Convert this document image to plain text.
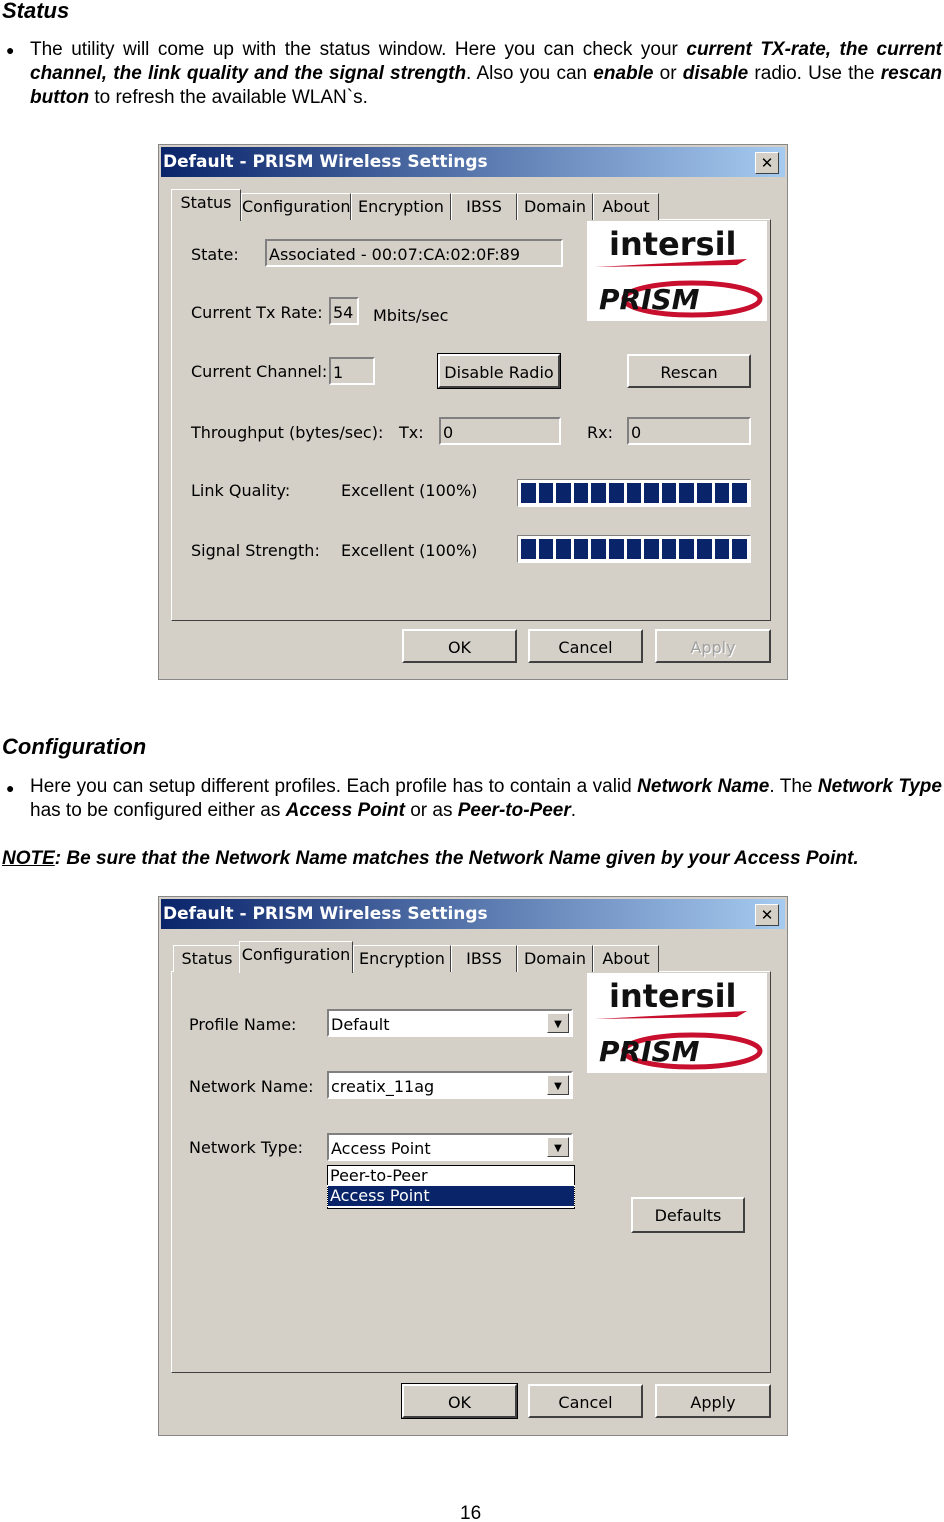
Status
● The utility will come up with the status window. Here you can check your current TX-rate, the current channel, the link quality and the signal strength. Also you can enable or disable radio. Use the rescan button to refresh the available WLAN`s.
Default - PRISM Wireless Settings	✕
Status Configuration Encryption	IBSS	Domain	About
intersil
PRISM
State: Associated - 00:07:CA:02:0F:89
Current Tx Rate: 54	Mbits/sec
Current Channel: 1	Disable Radio	Rescan
Throughput (bytes/sec): Tx: 0	Rx: 0
Link Quality:	Excellent (100%)
Signal Strength: Excellent (100%)
OK	Cancel	Apply
Configuration
● Here you can setup different profiles. Each profile has to contain a valid Network Name. The Network Type has to be configured either as Access Point or as Peer-to-Peer.
NOTE: Be sure that the Network Name matches the Network Name given by your Access Point.
Default - PRISM Wireless Settings	✕
Status Configuration Encryption	IBSS	Domain	About
intersil
PRISM
Profile Name: Default	▼
Network Name: creatix_11ag	▼
Network Type: Access Point	▼
Peer-to-Peer
Access Point
Defaults
OK	Cancel	Apply
16
